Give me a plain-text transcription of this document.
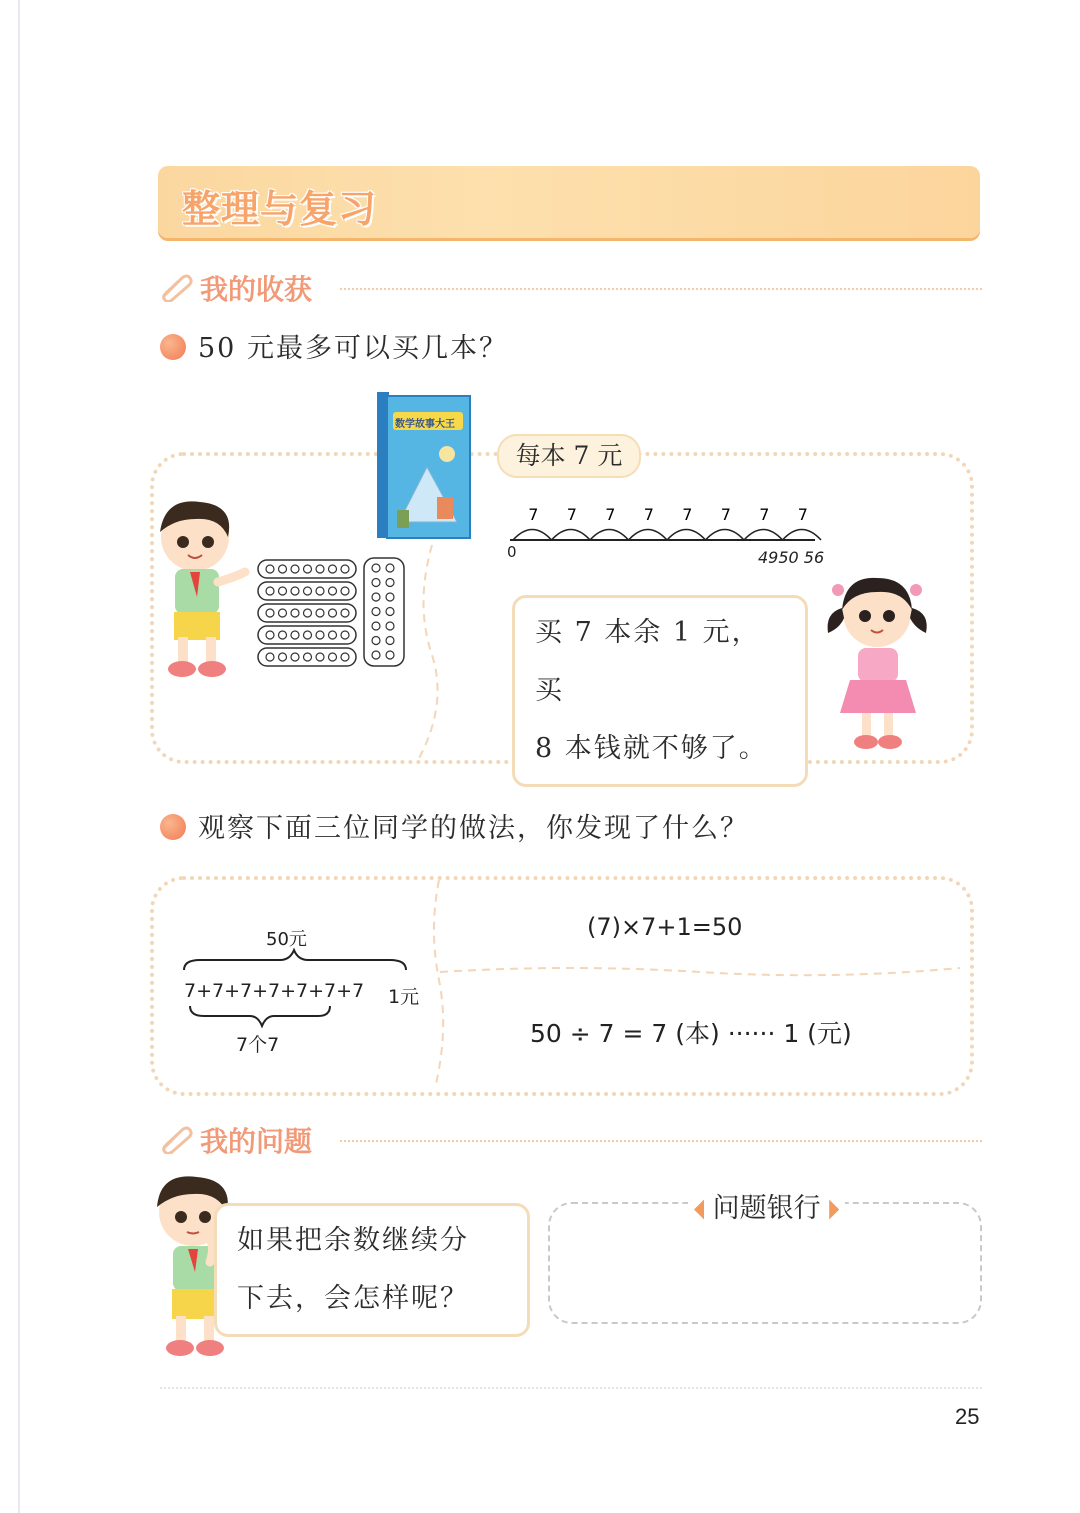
整理与复习
我的收获
50 元最多可以买几本？
数学故事大王
每本 7 元
7 7 7 7 7 7 7 7
0	4950 56
买 7 本余 1 元，买
8 本钱就不够了。
观察下面三位同学的做法，你发现了什么？
50元
7+7+7+7+7+7+7 1元
7个7
(7)×7+1=50
50 ÷ 7 = 7 (本) ······ 1 (元)
我的问题
如果把余数继续分
下去，会怎样呢？
问题银行
25
